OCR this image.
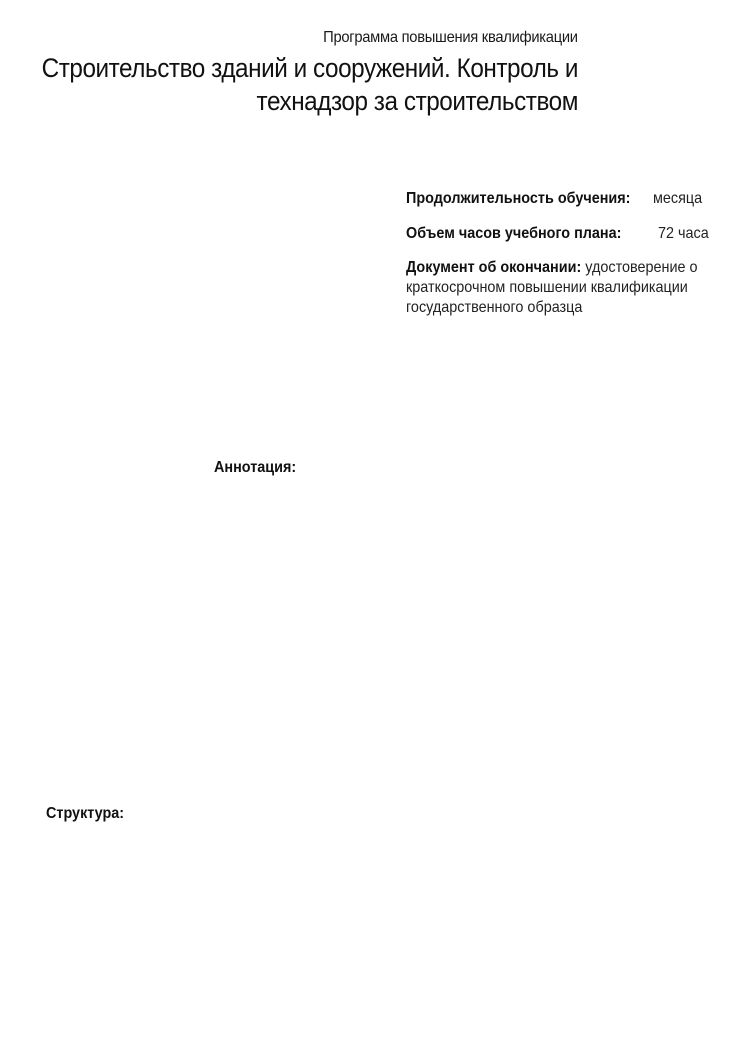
Программа повышения квалификации
Строительство зданий и сооружений. Контроль и
технадзор за строительством
Продолжительность обучения: месяца
Объем часов учебного плана: 72 часа
Документ об окончании: удостоверение о краткосрочном повышении квалификации государственного образца
Аннотация:
Структура:
